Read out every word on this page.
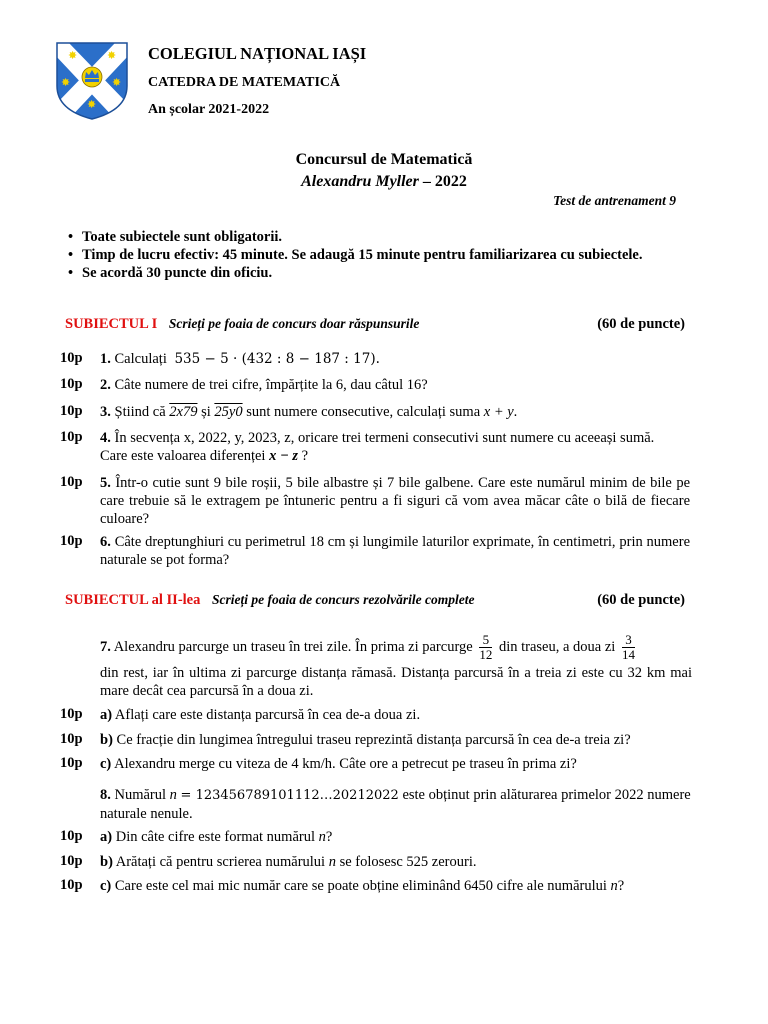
✸	✸
✸	✸
✸
COLEGIUL NAȚIONAL IAȘI
CATEDRA DE MATEMATICĂ
An școlar 2021-2022
Concursul de Matematică
Alexandru Myller – 2022
Test de antrenament 9
• Toate subiectele sunt obligatorii.
• Timp de lucru efectiv: 45 minute. Se adaugă 15 minute pentru familiarizarea cu subiectele.
• Se acordă 30 puncte din oficiu.
SUBIECTUL I Scrieți pe foaia de concurs doar răspunsurile	(60 de puncte)
10p 1. Calculați 535 − 5 · (432 : 8 − 187 : 17).
10p 2. Câte numere de trei cifre, împărțite la 6, dau câtul 16?
10p 3. Știind că 2x79 și 25y0 sunt numere consecutive, calculați suma x + y.
10p 4. În secvența x, 2022, y, 2023, z, oricare trei termeni consecutivi sunt numere cu aceeași sumă.
Care este valoarea diferenței x − z ?
10p 5. Într-o cutie sunt 9 bile roșii, 5 bile albastre și 7 bile galbene. Care este numărul minim de bile pe care trebuie să le extragem pe întuneric pentru a fi siguri că vom avea măcar câte o bilă de fiecare culoare?
10p 6. Câte dreptunghiuri cu perimetrul 18 cm și lungimile laturilor exprimate, în centimetri, prin numere naturale se pot forma?
SUBIECTUL al II-lea Scrieți pe foaia de concurs rezolvările complete	(60 de puncte)
7. Alexandru parcurge un traseu în trei zile. În prima zi parcurge $\frac{5}{12}$ din traseu, a doua zi $\frac{3}{14}$
din rest, iar în ultima zi parcurge distanța rămasă. Distanța parcursă în a treia zi este cu 32 km mai mare decât cea parcursă în a doua zi.
10p a) Aflați care este distanța parcursă în cea de-a doua zi.
10p b) Ce fracție din lungimea întregului traseu reprezintă distanța parcursă în cea de-a treia zi?
10p c) Alexandru merge cu viteza de 4 km/h. Câte ore a petrecut pe traseu în prima zi?
8. Numărul n = 123456789101112…20212022 este obținut prin alăturarea primelor 2022 numere naturale nenule.
10p a) Din câte cifre este format numărul n?
10p b) Arătați că pentru scrierea numărului n se folosesc 525 zerouri.
10p c) Care este cel mai mic număr care se poate obține eliminând 6450 cifre ale numărului n?
